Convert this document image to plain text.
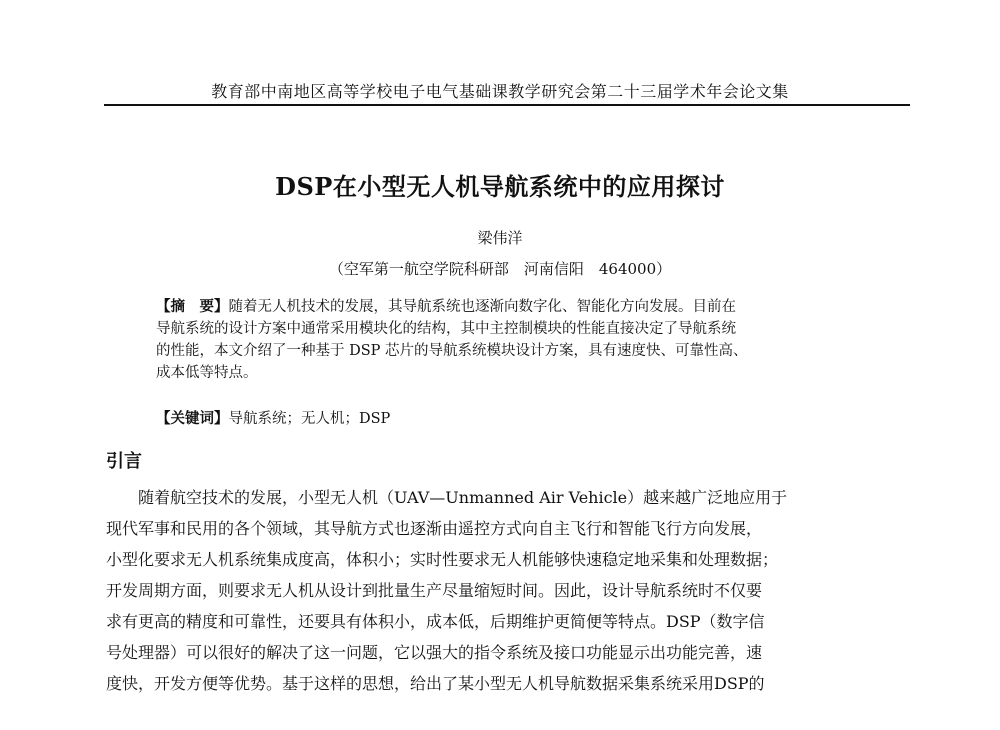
教育部中南地区高等学校电子电气基础课教学研究会第二十三届学术年会论文集
DSP在小型无人机导航系统中的应用探讨
梁伟洋
（空军第一航空学院科研部　河南信阳　464000）
【摘　要】随着无人机技术的发展，其导航系统也逐渐向数字化、智能化方向发展。目前在
导航系统的设计方案中通常采用模块化的结构，其中主控制模块的性能直接决定了导航系统
的性能，本文介绍了一种基于 DSP 芯片的导航系统模块设计方案，具有速度快、可靠性高、
成本低等特点。
【关键词】导航系统；无人机；DSP
引言
随着航空技术的发展，小型无人机（UAV—Unmanned Air Vehicle）越来越广泛地应用于
现代军事和民用的各个领域，其导航方式也逐渐由遥控方式向自主飞行和智能飞行方向发展，
小型化要求无人机系统集成度高，体积小；实时性要求无人机能够快速稳定地采集和处理数据；
开发周期方面，则要求无人机从设计到批量生产尽量缩短时间。因此，设计导航系统时不仅要
求有更高的精度和可靠性，还要具有体积小，成本低，后期维护更简便等特点。DSP（数字信
号处理器）可以很好的解决了这一问题，它以强大的指令系统及接口功能显示出功能完善，速
度快，开发方便等优势。基于这样的思想，给出了某小型无人机导航数据采集系统采用DSP的
